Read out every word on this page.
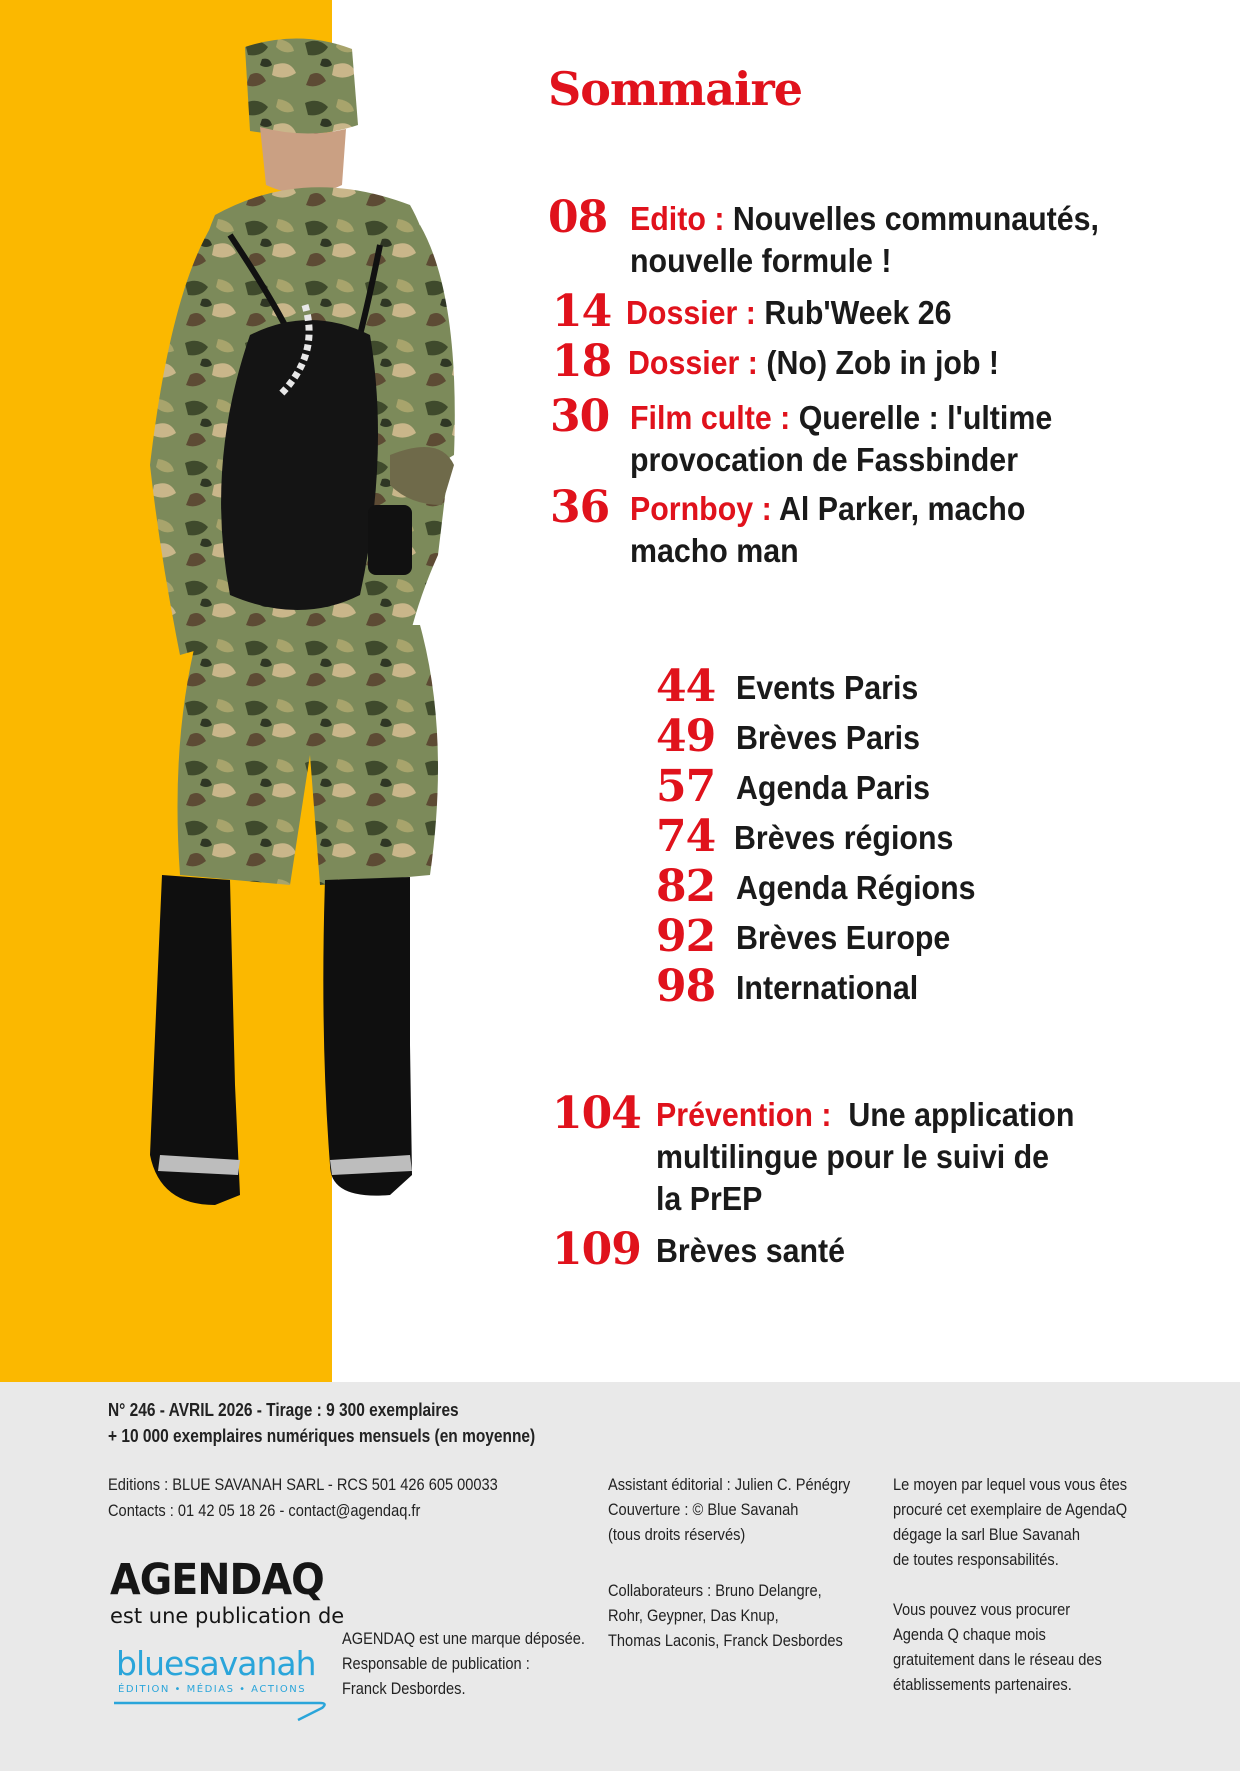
Sommaire
08 Edito : Nouvelles communautés,
nouvelle formule !
14 Dossier : Rub'Week 26
18 Dossier : (No) Zob in job !
30 Film culte : Querelle : l'ultime
provocation de Fassbinder
36 Pornboy : Al Parker, macho
macho man
44 Events Paris
49 Brèves Paris
57 Agenda Paris
74 Brèves régions
82 Agenda Régions
92 Brèves Europe
98 International
104 Prévention : Une application
multilingue pour le suivi de
la PrEP
109 Brèves santé
N° 246 - AVRIL 2026 - Tirage : 9 300 exemplaires
+ 10 000 exemplaires numériques mensuels (en moyenne)
Editions : BLUE SAVANAH SARL - RCS 501 426 605 00033
Contacts : 01 42 05 18 26 - contact@agendaq.fr
AGENDAQ
est une publication de
bluesavanah
ÉDITION • MÉDIAS • ACTIONS
AGENDAQ est une marque déposée.
Responsable de publication :
Franck Desbordes.
Assistant éditorial : Julien C. Pénégry
Couverture : © Blue Savanah
(tous droits réservés)
Collaborateurs : Bruno Delangre,
Rohr, Geypner, Das Knup,
Thomas Laconis, Franck Desbordes
Le moyen par lequel vous vous êtes
procuré cet exemplaire de AgendaQ
dégage la sarl Blue Savanah
de toutes responsabilités.
Vous pouvez vous procurer
Agenda Q chaque mois
gratuitement dans le réseau des
établissements partenaires.
